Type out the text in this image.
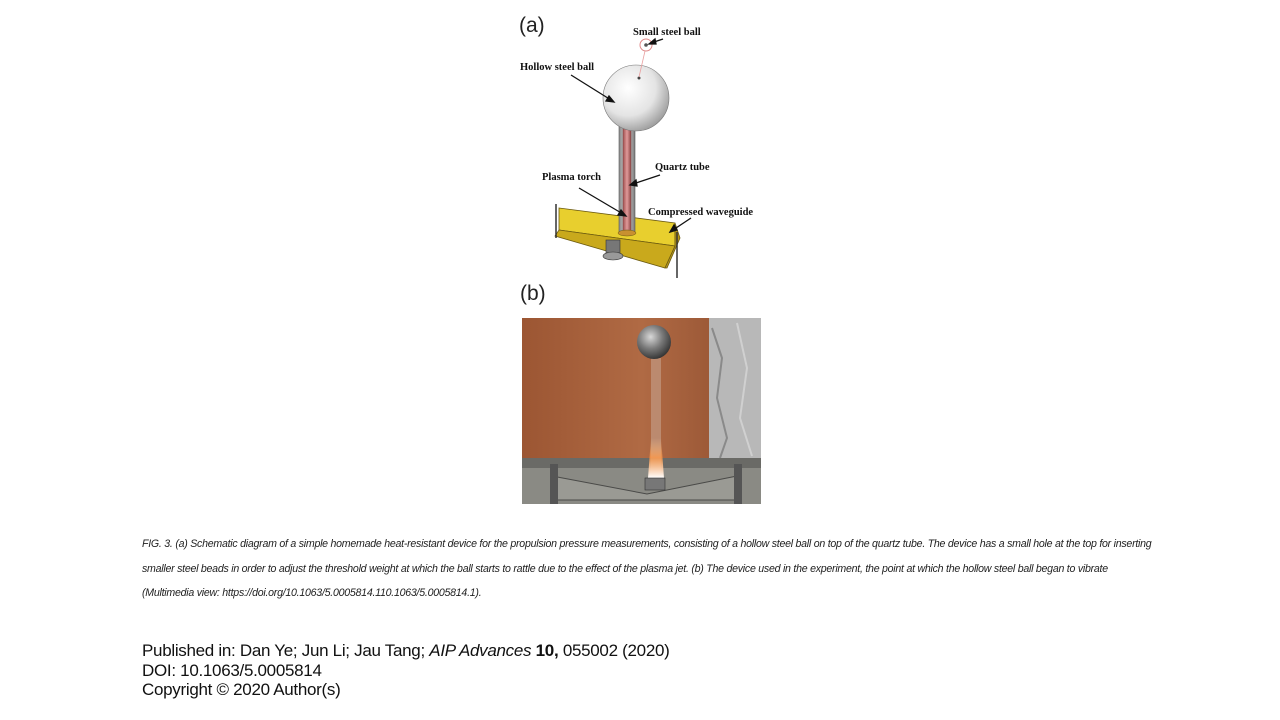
(a)	Small steel ball
Hollow steel ball
Plasma torch
Quartz tube
Compressed waveguide
(b)
FIG. 3. (a) Schematic diagram of a simple homemade heat-resistant device for the propulsion pressure measurements, consisting of a hollow steel ball on top of the quartz tube. The device has a small hole at the top for inserting smaller steel beads in order to adjust the threshold weight at which the ball starts to rattle due to the effect of the plasma jet. (b) The device used in the experiment, the point at which the hollow steel ball began to vibrate (Multimedia view: https://doi.org/10.1063/5.0005814.110.1063/5.0005814.1).
Published in: Dan Ye; Jun Li; Jau Tang; AIP Advances 10, 055002 (2020)
DOI: 10.1063/5.0005814
Copyright © 2020 Author(s)
